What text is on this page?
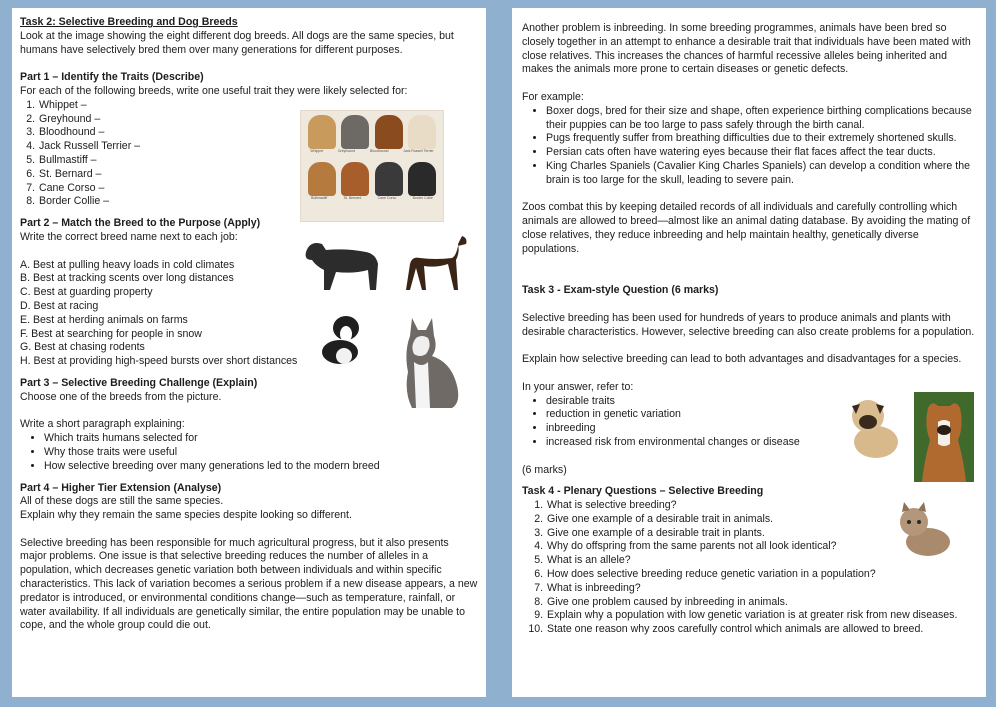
Task 2: Selective Breeding and Dog Breeds

Look at the image showing the eight different dog breeds. All dogs are the same species, but humans have selectively bred them over many generations for different purposes.

Part 1 – Identify the Traits (Describe)

For each of the following breeds, write one useful trait they were likely selected for:

1. Whippet –
2. Greyhound –
3. Bloodhound –
4. Jack Russell Terrier –
5. Bullmastiff –
6. St. Bernard –
7. Cane Corso –
8. Border Collie –

Part 2 – Match the Breed to the Purpose (Apply)

Write the correct breed name next to each job:

A. Best at pulling heavy loads in cold climates
B. Best at tracking scents over long distances
C. Best at guarding property
D. Best at racing
E. Best at herding animals on farms
F. Best at searching for people in snow
G. Best at chasing rodents
H. Best at providing high-speed bursts over short distances

Part 3 – Selective Breeding Challenge (Explain)

Choose one of the breeds from the picture.

Write a short paragraph explaining:

• Which traits humans selected for
• Why those traits were useful
• How selective breeding over many generations led to the modern breed

Part 4 – Higher Tier Extension (Analyse)

All of these dogs are still the same species.

Explain why they remain the same species despite looking so different.

Selective breeding has been responsible for much agricultural progress, but it also presents major problems. One issue is that selective breeding reduces the number of alleles in a population, which decreases genetic variation both between individuals and within specific characteristics. This lack of variation becomes a serious problem if a new disease appears, a new predator is introduced, or environmental conditions change—such as temperature, rainfall, or water availability. If all individuals are genetically similar, the entire population may be unable to cope, and the whole group could die out.

Whippet	Greyhound	Bloodhound	Jack Russell Terrier
Bullmastiff	St. Bernard	Cane Corso	Border Collie

Another problem is inbreeding. In some breeding programmes, animals have been bred so closely together in an attempt to enhance a desirable trait that individuals have been mated with close relatives. This increases the chances of harmful recessive alleles being inherited and makes the animals more prone to certain diseases or genetic defects.

For example:

• Boxer dogs, bred for their size and shape, often experience birthing complications because their puppies can be too large to pass safely through the birth canal.
• Pugs frequently suffer from breathing difficulties due to their extremely shortened skulls.
• Persian cats often have watering eyes because their flat faces affect the tear ducts.
• King Charles Spaniels (Cavalier King Charles Spaniels) can develop a condition where the brain is too large for the skull, leading to severe pain.

Zoos combat this by keeping detailed records of all individuals and carefully controlling which animals are allowed to breed—almost like an animal dating database. By avoiding the mating of close relatives, they reduce inbreeding and help maintain healthy, genetically diverse populations.

Task 3 - Exam-style Question (6 marks)

Selective breeding has been used for hundreds of years to produce animals and plants with desirable characteristics. However, selective breeding can also create problems for a population.

Explain how selective breeding can lead to both advantages and disadvantages for a species.

In your answer, refer to:

• desirable traits
• reduction in genetic variation
• inbreeding
• increased risk from environmental changes or disease

(6 marks)

Task 4 - Plenary Questions – Selective Breeding

1. What is selective breeding?
2. Give one example of a desirable trait in animals.
3. Give one example of a desirable trait in plants.
4. Why do offspring from the same parents not all look identical?
5. What is an allele?
6. How does selective breeding reduce genetic variation in a population?
7. What is inbreeding?
8. Give one problem caused by inbreeding in animals.
9. Explain why a population with low genetic variation is at greater risk from new diseases.
10. State one reason why zoos carefully control which animals are allowed to breed.
